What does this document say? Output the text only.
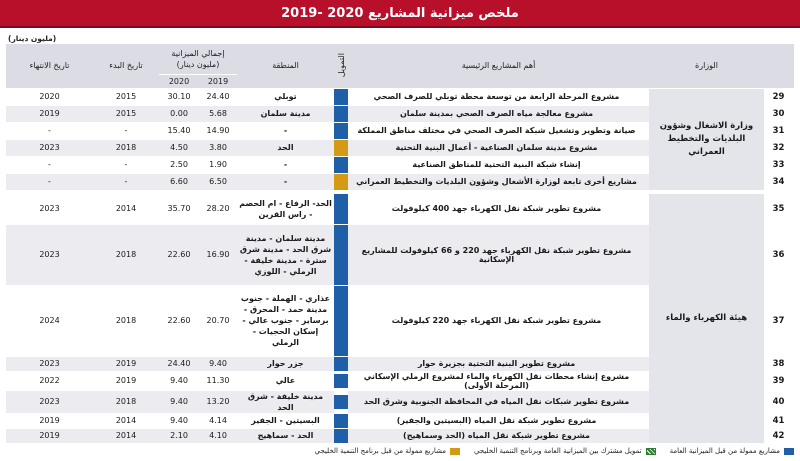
ملخص ميزانية المشاريع 2020 -2019
(مليون دينار)
	الوزارة	أهم المشاريع الرئيسية	التمويل	المنطقة	إجمالي الميزانية
(مليون دينار)		تاريخ البدء	تاريخ الانتهاء
					2019	2020		
29	وزارة الاشغال وشؤون البلديات والتخطيط العمراني	مشروع المرحلة الرابعة من توسعة محطة توبلي للصرف الصحي		توبلي	24.40	30.10	2015	2020
30		مشروع معالجة مياه الصرف الصحي بمدينة سلمان		مدينة سلمان	5.68	0.00	2015	2019
31		صيانة وتطوير وتشغيل شبكة الصرف الصحي في مختلف مناطق المملكة		-	14.90	15.40	-	-
32		مشروع مدينة سلمان الصناعية - أعمال البنية التحتية		الحد	3.80	4.50	2018	2023
33		إنشاء شبكة البنية التحتية للمناطق الصناعية		-	1.90	2.50	-	-
34		مشاريع أخرى تابعة لوزارة الأشغال وشؤون البلديات والتخطيط العمراني		-	6.50	6.60	-	-

35	هيئة الكهرباء والماء	مشروع تطوير شبكة نقل الكهرباء جهد 400 كيلوفولت		الحد- الرفاع - ام الحصم - راس القرين	28.20	35.70	2014	2023
36		مشروع تطوير شبكة نقل الكهرباء جهد 220 و 66 كيلوفولت للمشاريع الإسكانية		مدينة سلمان - مدينة شرق الحد - مدينة شرق سترة - مدينة خليفة - الرملي - اللوزي	16.90	22.60	2018	2023
37		مشروع تطوير شبكة نقل الكهرباء جهد 220 كيلوفولت		عذاري - الهملة - جنوب مدينة حمد - المحرق - برساير - جنوب عالي - إسكان الحجيات - الرملي	20.70	22.60	2018	2024
38		مشروع تطوير البنية التحتية بجزيرة حوار		جزر حوار	9.40	24.40	2019	2023
39		مشروع إنشاء محطات نقل الكهرباء والماء لمشروع الرملي الإسكاني (المرحلة الأولى)		عالي	11.30	9.40	2019	2022
40		مشروع تطوير شبكات نقل المياه في المحافظة الجنوبية وشرق الحد		مدينة خليفة - شرق الحد	13.20	9.40	2018	2023
41		مشروع تطوير شبكة نقل المياه (البسيتين والجفير)		البسيتين - الجفير	4.14	9.40	2014	2019
42		مشروع تطوير شبكة نقل المياه (الحد وسماهيج)		الحد - سماهيج	4.10	2.10	2014	2019
مشاريع ممولة من قبل الميزانية العامة
تمويل مشترك بين الميزانية العامة وبرنامج التنمية الخليجي
مشاريع ممولة من قبل برنامج التنمية الخليجي
